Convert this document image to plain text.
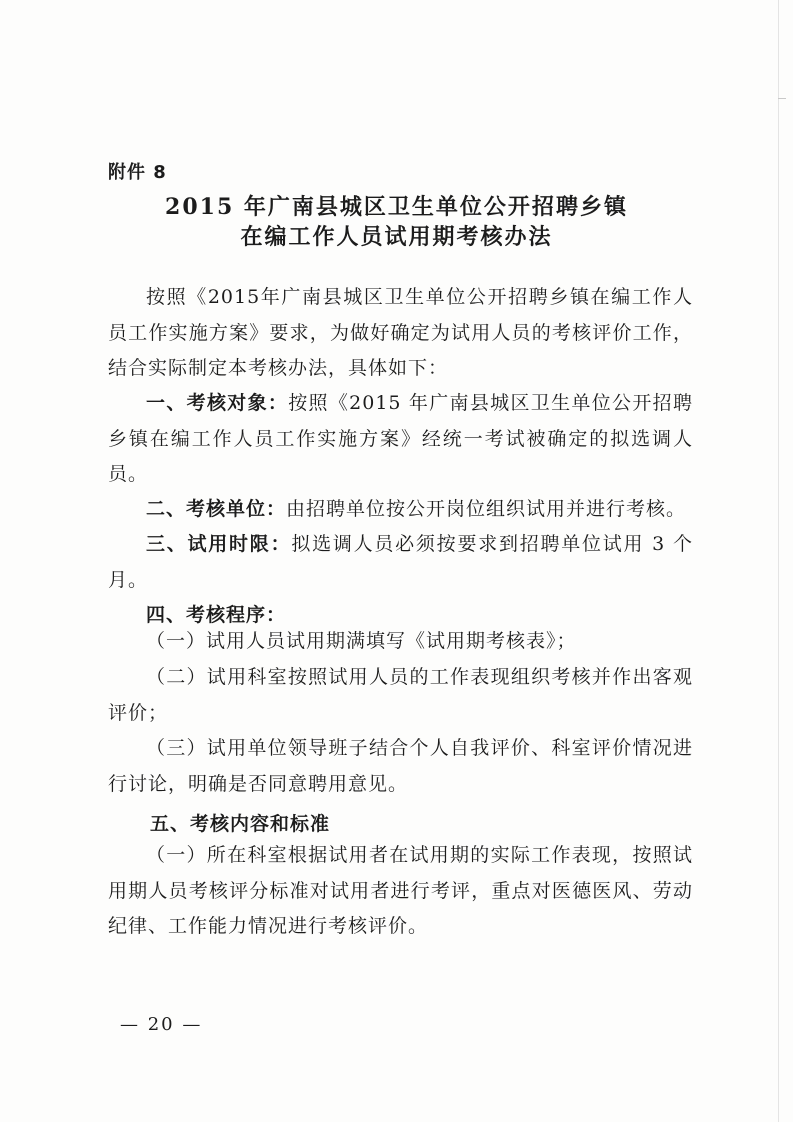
附件 8
2015 年广南县城区卫生单位公开招聘乡镇
在编工作人员试用期考核办法
按照《2015年广南县城区卫生单位公开招聘乡镇在编工作人员工作实施方案》要求，为做好确定为试用人员的考核评价工作，结合实际制定本考核办法，具体如下：
一、考核对象：按照《2015 年广南县城区卫生单位公开招聘乡镇在编工作人员工作实施方案》经统一考试被确定的拟选调人员。
二、考核单位：由招聘单位按公开岗位组织试用并进行考核。
三、试用时限：拟选调人员必须按要求到招聘单位试用 3 个月。
四、考核程序：
（一）试用人员试用期满填写《试用期考核表》；
（二）试用科室按照试用人员的工作表现组织考核并作出客观评价；
（三）试用单位领导班子结合个人自我评价、科室评价情况进行讨论，明确是否同意聘用意见。
五、考核内容和标准
（一）所在科室根据试用者在试用期的实际工作表现，按照试用期人员考核评分标准对试用者进行考评，重点对医德医风、劳动纪律、工作能力情况进行考核评价。
— 20 —
